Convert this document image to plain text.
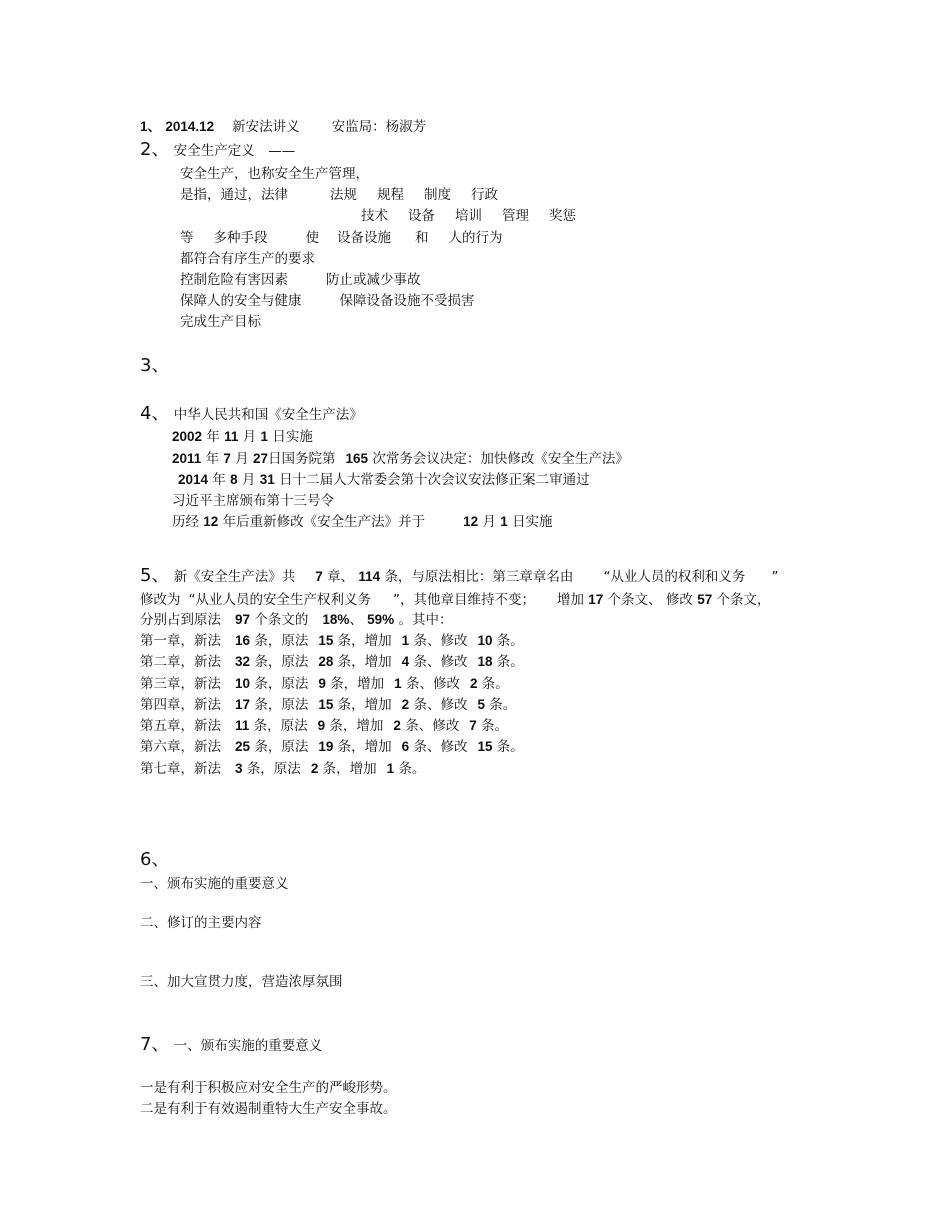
1、 2014.12 新安法讲义 安监局：杨淑芳
2、 安全生产定义　——
安全生产，也称安全生产管理，
是指，通过，法律	法规 规程 制度 行政
技术 设备 培训 管理 奖惩
等 多种手段	使 设备设施 和 人的行为
都符合有序生产的要求
控制危险有害因素	防止或减少事故
保障人的安全与健康	保障设备设施不受损害
完成生产目标
3、
4、 中华人民共和国《安全生产法》
2002 年 11 月 1 日实施
2011 年 7 月 27日国务院第 165 次常务会议决定：加快修改《安全生产法》
2014 年 8 月 31 日十二届人大常委会第十次会议安法修正案二审通过
习近平主席颁布第十三号令
历经 12 年后重新修改《安全生产法》并于	12 月 1 日实施
5、 新《安全生产法》共 7 章、 114 条，与原法相比：第三章章名由 “从业人员的权利和义务 ”
修改为 “从业人员的安全生产权利义务 ”，其他章目维持不变； 增加 17 个条文、 修改 57 个条文，
分别占到原法 97 个条文的 18%、 59% 。其中：
第一章，新法 16 条，原法 15 条，增加 1 条、修改 10 条。
第二章，新法 32 条，原法 28 条，增加 4 条、修改 18 条。
第三章，新法 10 条，原法 9 条，增加 1 条、修改 2 条。
第四章，新法 17 条，原法 15 条，增加 2 条、修改 5 条。
第五章，新法 11 条，原法 9 条，增加 2 条、修改 7 条。
第六章，新法 25 条，原法 19 条，增加 6 条、修改 15 条。
第七章，新法 3 条，原法 2 条，增加 1 条。
6、
一、颁布实施的重要意义
二、修订的主要内容
三、加大宣贯力度，营造浓厚氛围
7、 一、颁布实施的重要意义
一是有利于积极应对安全生产的严峻形势。
二是有利于有效遏制重特大生产安全事故。
